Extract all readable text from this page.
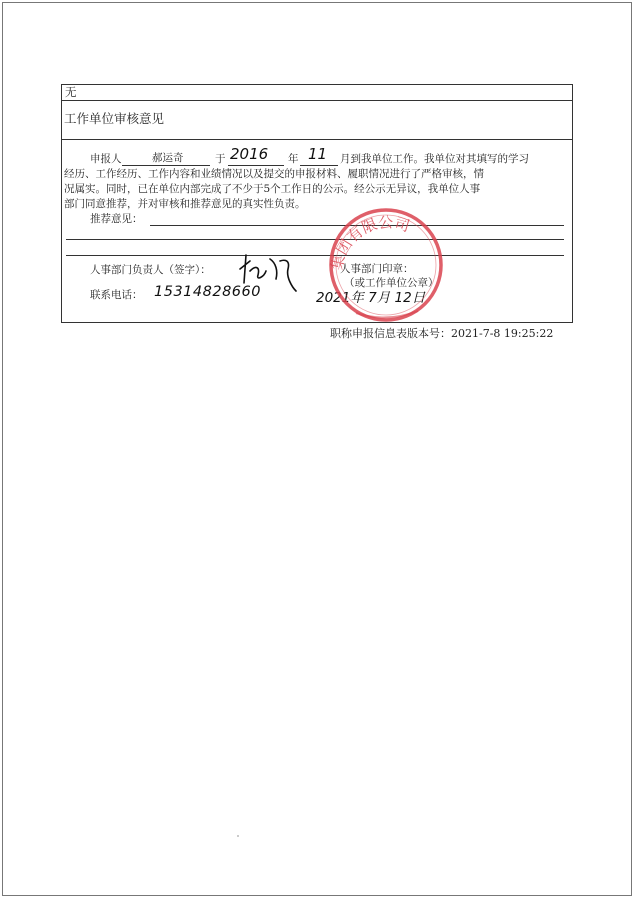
无
工作单位审核意见
申报人	郝运奇	于 2016 年 11 月到我单位工作。我单位对其填写的学习
经历、工作经历、工作内容和业绩情况以及提交的申报材料、履职情况进行了严格审核，情
况属实。同时，已在单位内部完成了不少于5个工作日的公示。经公示无异议，我单位人事
部门同意推荐，并对审核和推荐意见的真实性负责。
推荐意见：
人事部门负责人（签字）：
联系电话： 15314828660
人事部门印章：
（或工作单位公章）
2021年 7月 12日
集团有限公司
职称申报信息表版本号：2021-7-8 19:25:22
